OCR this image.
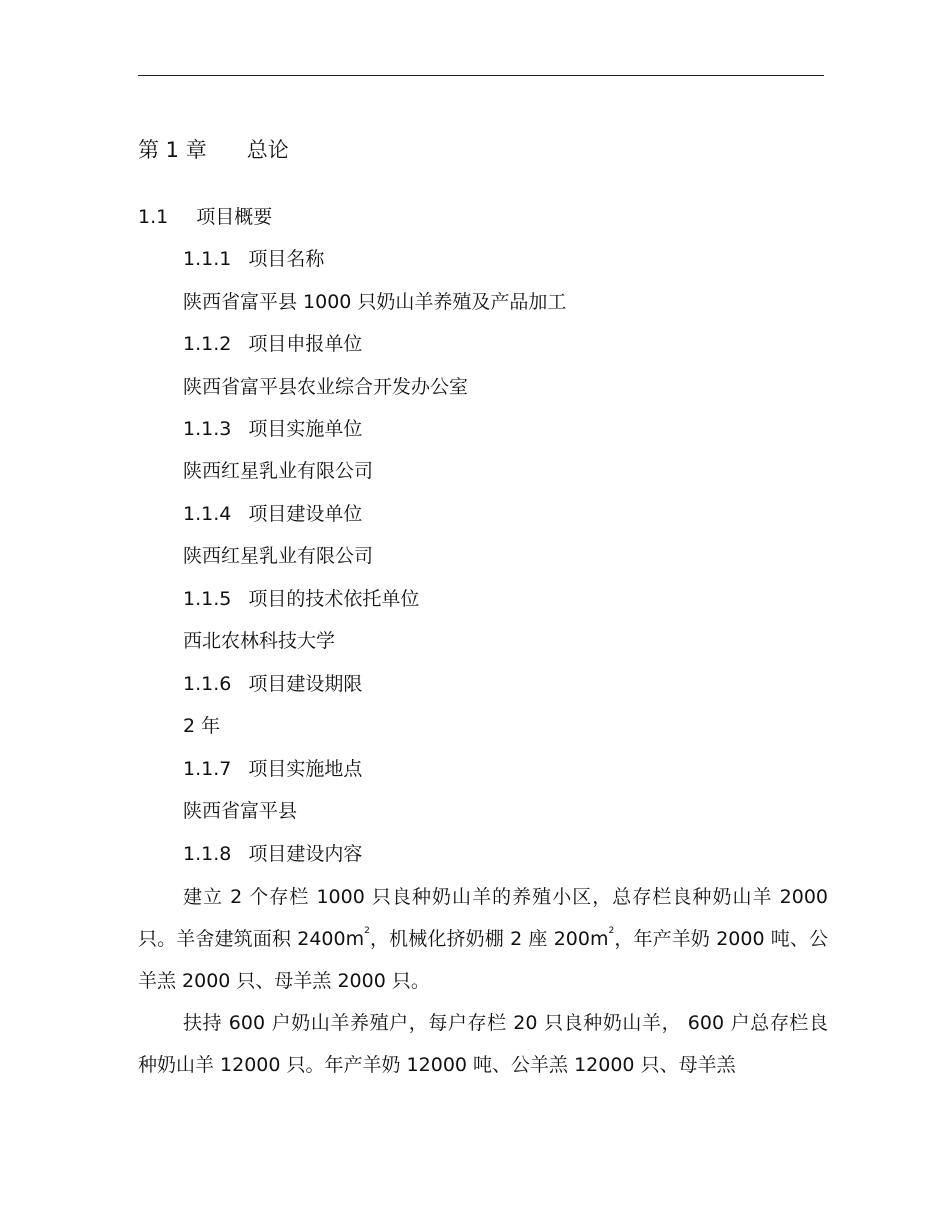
第 1 章 总论
1.1 项目概要
1.1.1 项目名称
陕西省富平县 1000 只奶山羊养殖及产品加工
1.1.2 项目申报单位
陕西省富平县农业综合开发办公室
1.1.3 项目实施单位
陕西红星乳业有限公司
1.1.4 项目建设单位
陕西红星乳业有限公司
1.1.5 项目的技术依托单位
西北农林科技大学
1.1.6 项目建设期限
2 年
1.1.7 项目实施地点
陕西省富平县
1.1.8 项目建设内容
建立 2 个存栏 1000 只良种奶山羊的养殖小区，总存栏良种奶山羊 2000 只。羊舍建筑面积 $2400m^2$，机械化挤奶棚 2 座 $200m^2$，年产羊奶 2000 吨、公羊羔 2000 只、母羊羔 2000 只。
扶持 600 户奶山羊养殖户，每户存栏 20 只良种奶山羊， 600 户总存栏良种奶山羊 12000 只。年产羊奶 12000 吨、公羊羔 12000 只、母羊羔
